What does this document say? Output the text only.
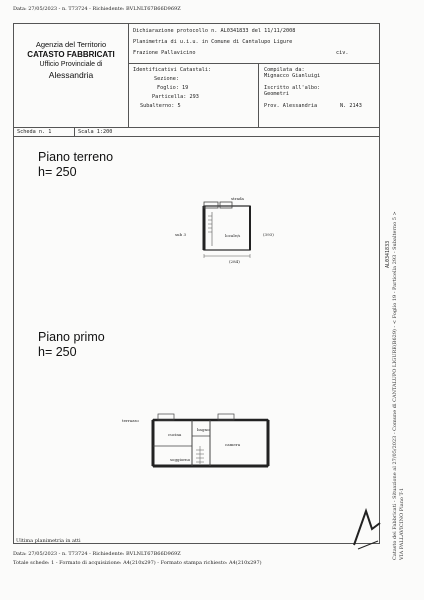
Data: 27/05/2023 - n. T73724 - Richiedente: BVLNLT67B66D969Z
Agenzia del Territorio
CATASTO FABBRICATI
Ufficio Provinciale di
Alessandria
Dichiarazione protocollo n. AL0341833 del 11/11/2008
Planimetria di u.i.u. in Comune di Cantalupo Ligure
Frazione Pallavicino	civ.
Identificativi Catastali:
Sezione:
Foglio: 19
Particella: 293
Subalterno: 5
Compilata da:
Mignacco Gianluigi
Iscritto all'albo:
Geometri
Prov. Alessandria	N. 2143
Scheda n. 1	Scala 1:200
Piano terreno
h= 250
Piano primo
h= 250
strada
sub 3	locale/s	(393)
(284)
cucina
bagno
camera
soggiorno
terrazzo
Ultima planimetria in atti
Data: 27/05/2023 - n. T73724 - Richiedente: BVLNLT67B66D969Z
Totale schede: 1 - Formato di acquisizione: A4(210x297) - Formato stampa richiesto: A4(210x297)
Catasto dei Fabbricati - Situazione al 27/05/2023 - Comune di CANTALUPO LIGURE(B629) - < Foglio 19 - Particella 293 - Subalterno 5 > VIA PALLAVICINO Piano T-1
AL0341833
